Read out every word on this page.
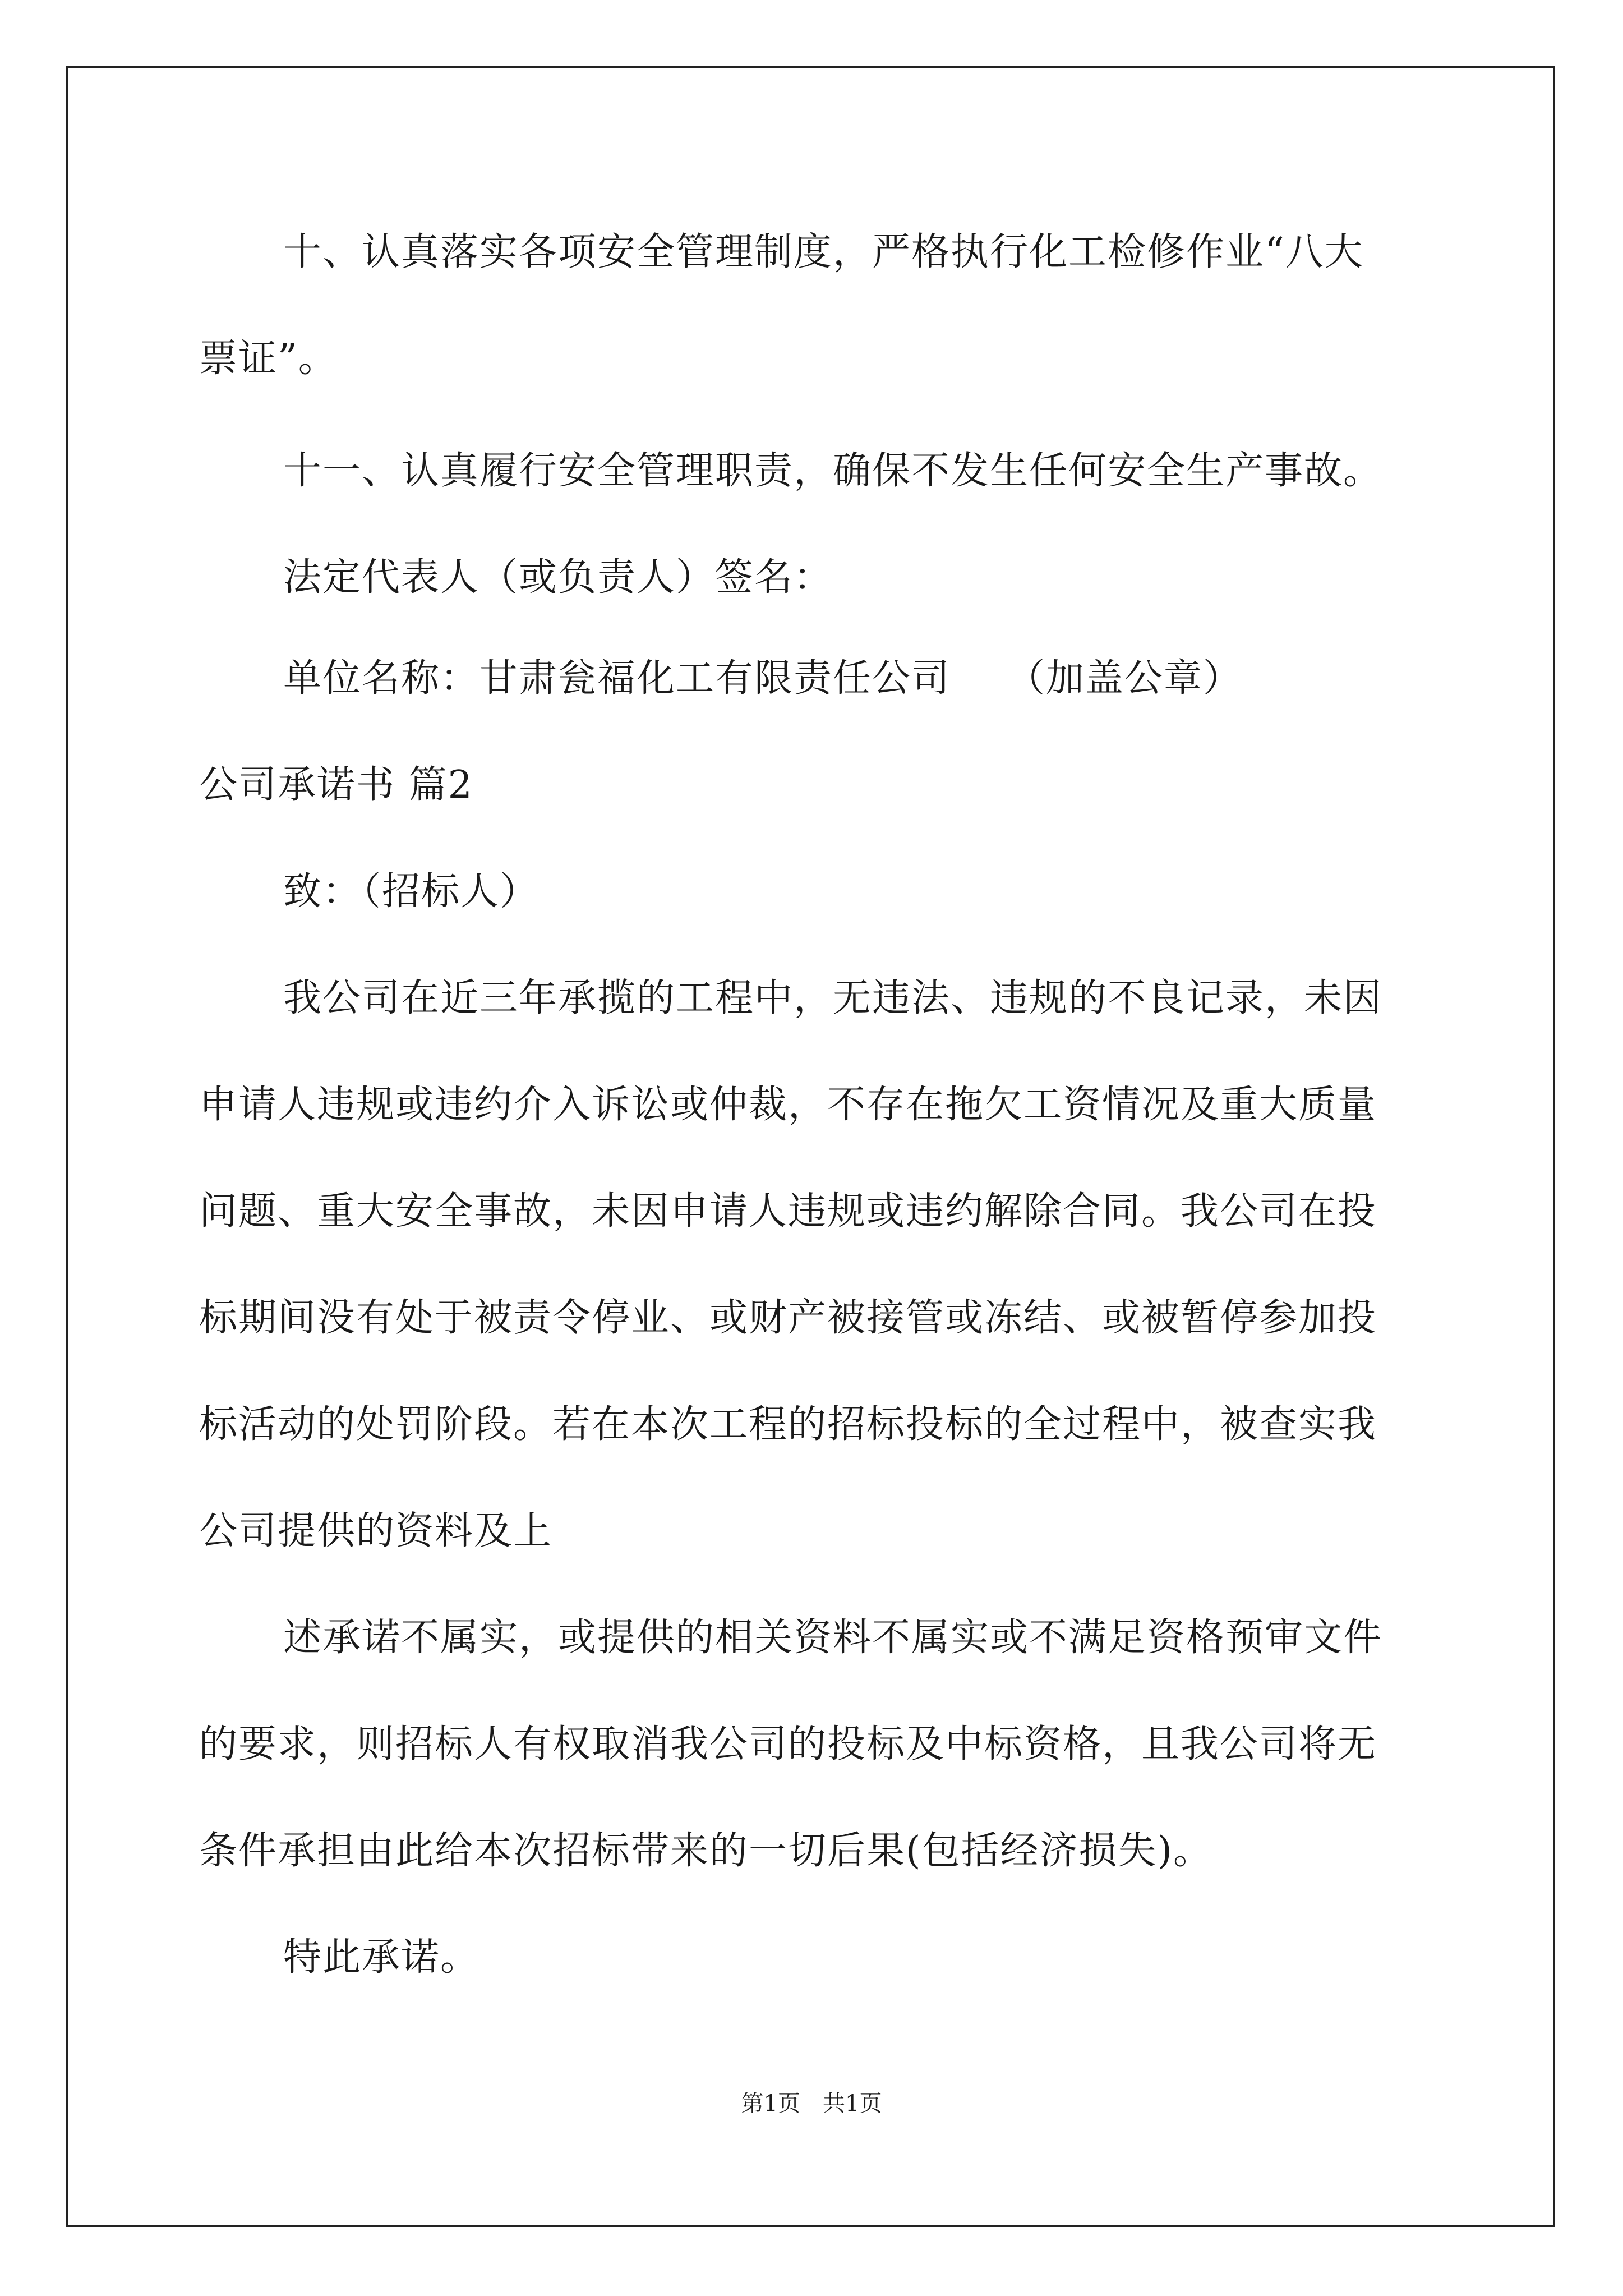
十、认真落实各项安全管理制度，严格执行化工检修作业“八大
票证”。
十一、认真履行安全管理职责，确保不发生任何安全生产事故。
法定代表人（或负责人）签名：
单位名称：甘肃瓮福化工有限责任公司 （加盖公章）
公司承诺书 篇2
致：（招标人）
我公司在近三年承揽的工程中，无违法、违规的不良记录，未因
申请人违规或违约介入诉讼或仲裁，不存在拖欠工资情况及重大质量
问题、重大安全事故，未因申请人违规或违约解除合同。我公司在投
标期间没有处于被责令停业、或财产被接管或冻结、或被暂停参加投
标活动的处罚阶段。若在本次工程的招标投标的全过程中，被查实我
公司提供的资料及上
述承诺不属实，或提供的相关资料不属实或不满足资格预审文件
的要求，则招标人有权取消我公司的投标及中标资格，且我公司将无
条件承担由此给本次招标带来的一切后果(包括经济损失)。
特此承诺。
第1页　共1页
